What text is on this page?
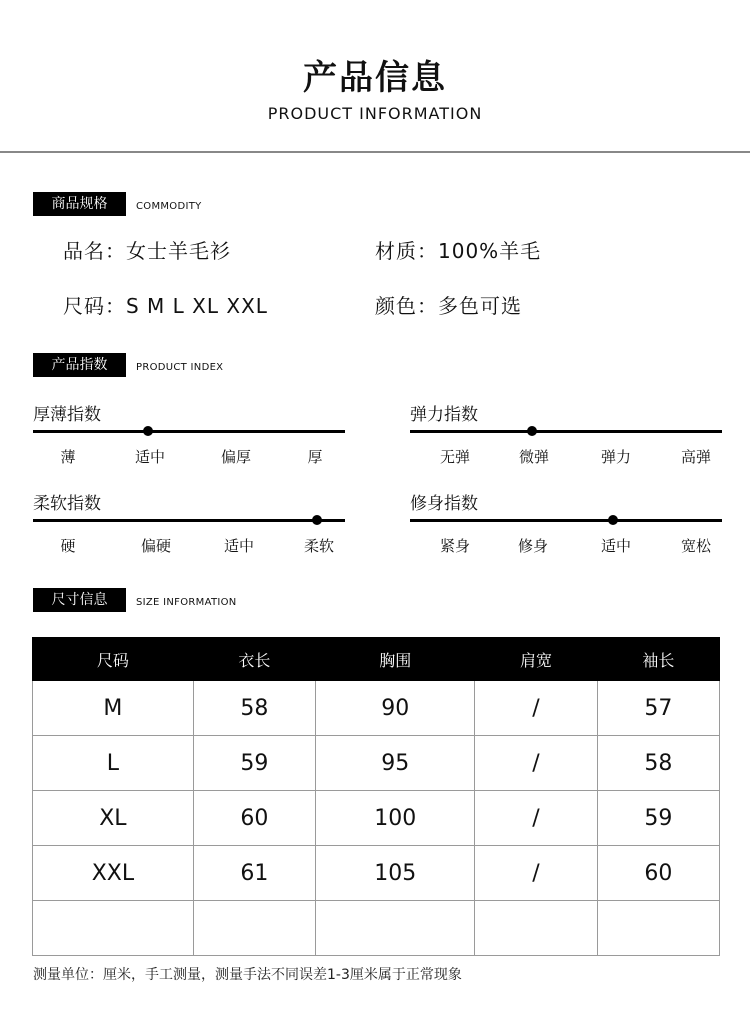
产品信息
PRODUCT INFORMATION
商品规格	COMMODITY
品名：女士羊毛衫	材质：100%羊毛
尺码：S M L XL XXL	颜色：多色可选
产品指数	PRODUCT INDEX
厚薄指数
薄	适中	偏厚	厚
弹力指数
无弹	微弹	弹力	高弹
柔软指数
硬	偏硬	适中	柔软
修身指数
紧身	修身	适中	宽松
尺寸信息	SIZE INFORMATION
尺码	衣长	胸围	肩宽	袖长
M	58	90	/	57
L	59	95	/	58
XL	60	100	/	59
XXL	61	105	/	60

测量单位：厘米，手工测量，测量手法不同误差1-3厘米属于正常现象
